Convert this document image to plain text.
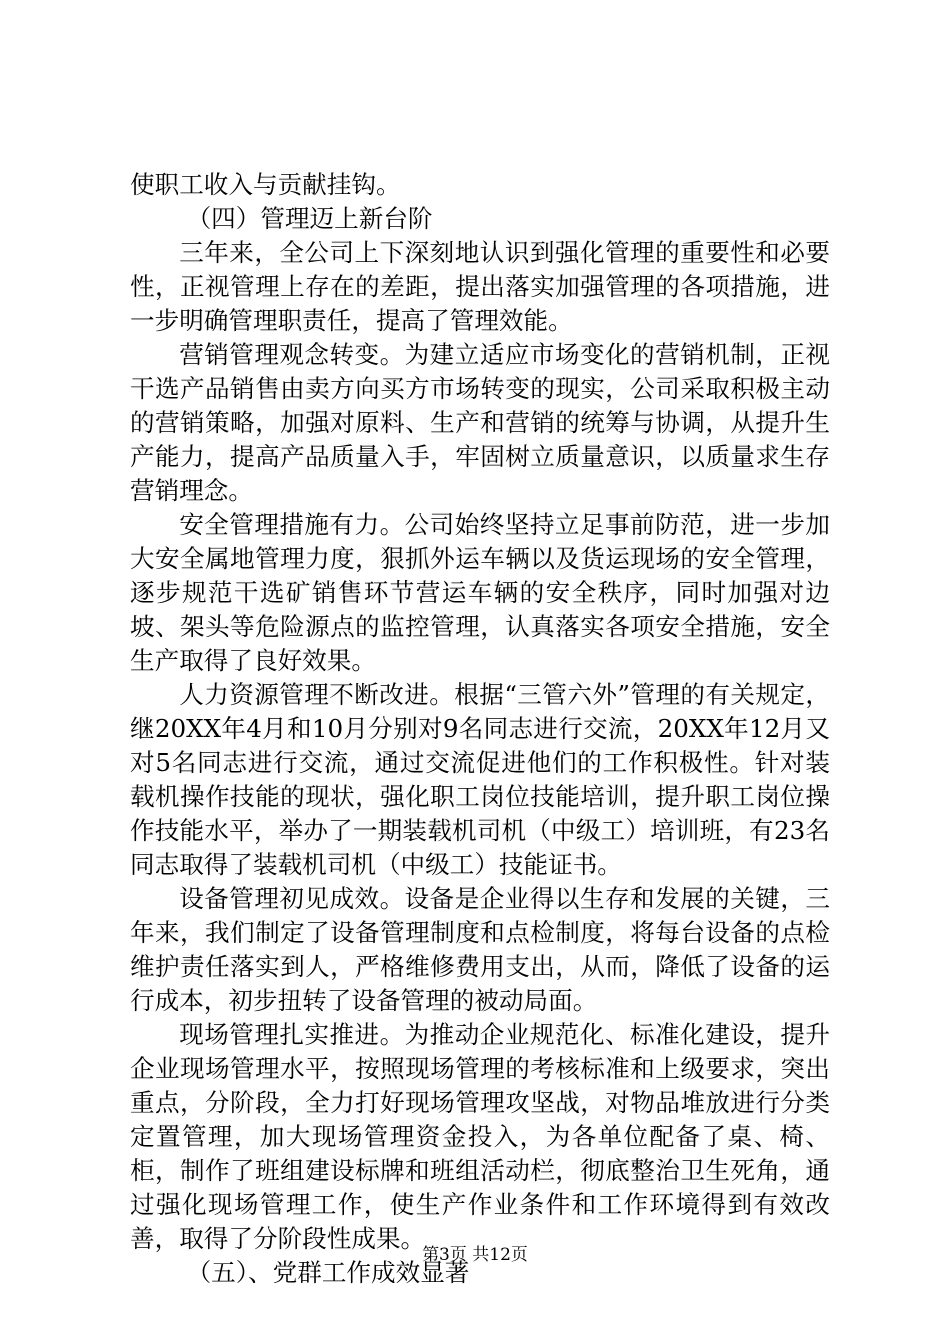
使职工收入与贡献挂钩。

（四）管理迈上新台阶

三年来，全公司上下深刻地认识到强化管理的重要性和必要性，正视管理上存在的差距，提出落实加强管理的各项措施，进一步明确管理职责任，提高了管理效能。

营销管理观念转变。为建立适应市场变化的营销机制，正视干选产品销售由卖方向买方市场转变的现实，公司采取积极主动的营销策略，加强对原料、生产和营销的统筹与协调，从提升生产能力，提高产品质量入手，牢固树立质量意识，以质量求生存营销理念。

安全管理措施有力。公司始终坚持立足事前防范，进一步加大安全属地管理力度，狠抓外运车辆以及货运现场的安全管理，逐步规范干选矿销售环节营运车辆的安全秩序，同时加强对边坡、架头等危险源点的监控管理，认真落实各项安全措施，安全生产取得了良好效果。

人力资源管理不断改进。根据“三管六外”管理的有关规定，继20XX年4月和10月分别对9名同志进行交流，20XX年12月又对5名同志进行交流，通过交流促进他们的工作积极性。针对装载机操作技能的现状，强化职工岗位技能培训，提升职工岗位操作技能水平，举办了一期装载机司机（中级工）培训班，有23名同志取得了装载机司机（中级工）技能证书。

设备管理初见成效。设备是企业得以生存和发展的关键，三年来，我们制定了设备管理制度和点检制度，将每台设备的点检维护责任落实到人，严格维修费用支出，从而，降低了设备的运行成本，初步扭转了设备管理的被动局面。

现场管理扎实推进。为推动企业规范化、标准化建设，提升企业现场管理水平，按照现场管理的考核标准和上级要求，突出重点，分阶段，全力打好现场管理攻坚战，对物品堆放进行分类定置管理，加大现场管理资金投入，为各单位配备了桌、椅、柜，制作了班组建设标牌和班组活动栏，彻底整治卫生死角，通过强化现场管理工作，使生产作业条件和工作环境得到有效改善，取得了分阶段性成果。

（五）、党群工作成效显著

第3页 共12页
